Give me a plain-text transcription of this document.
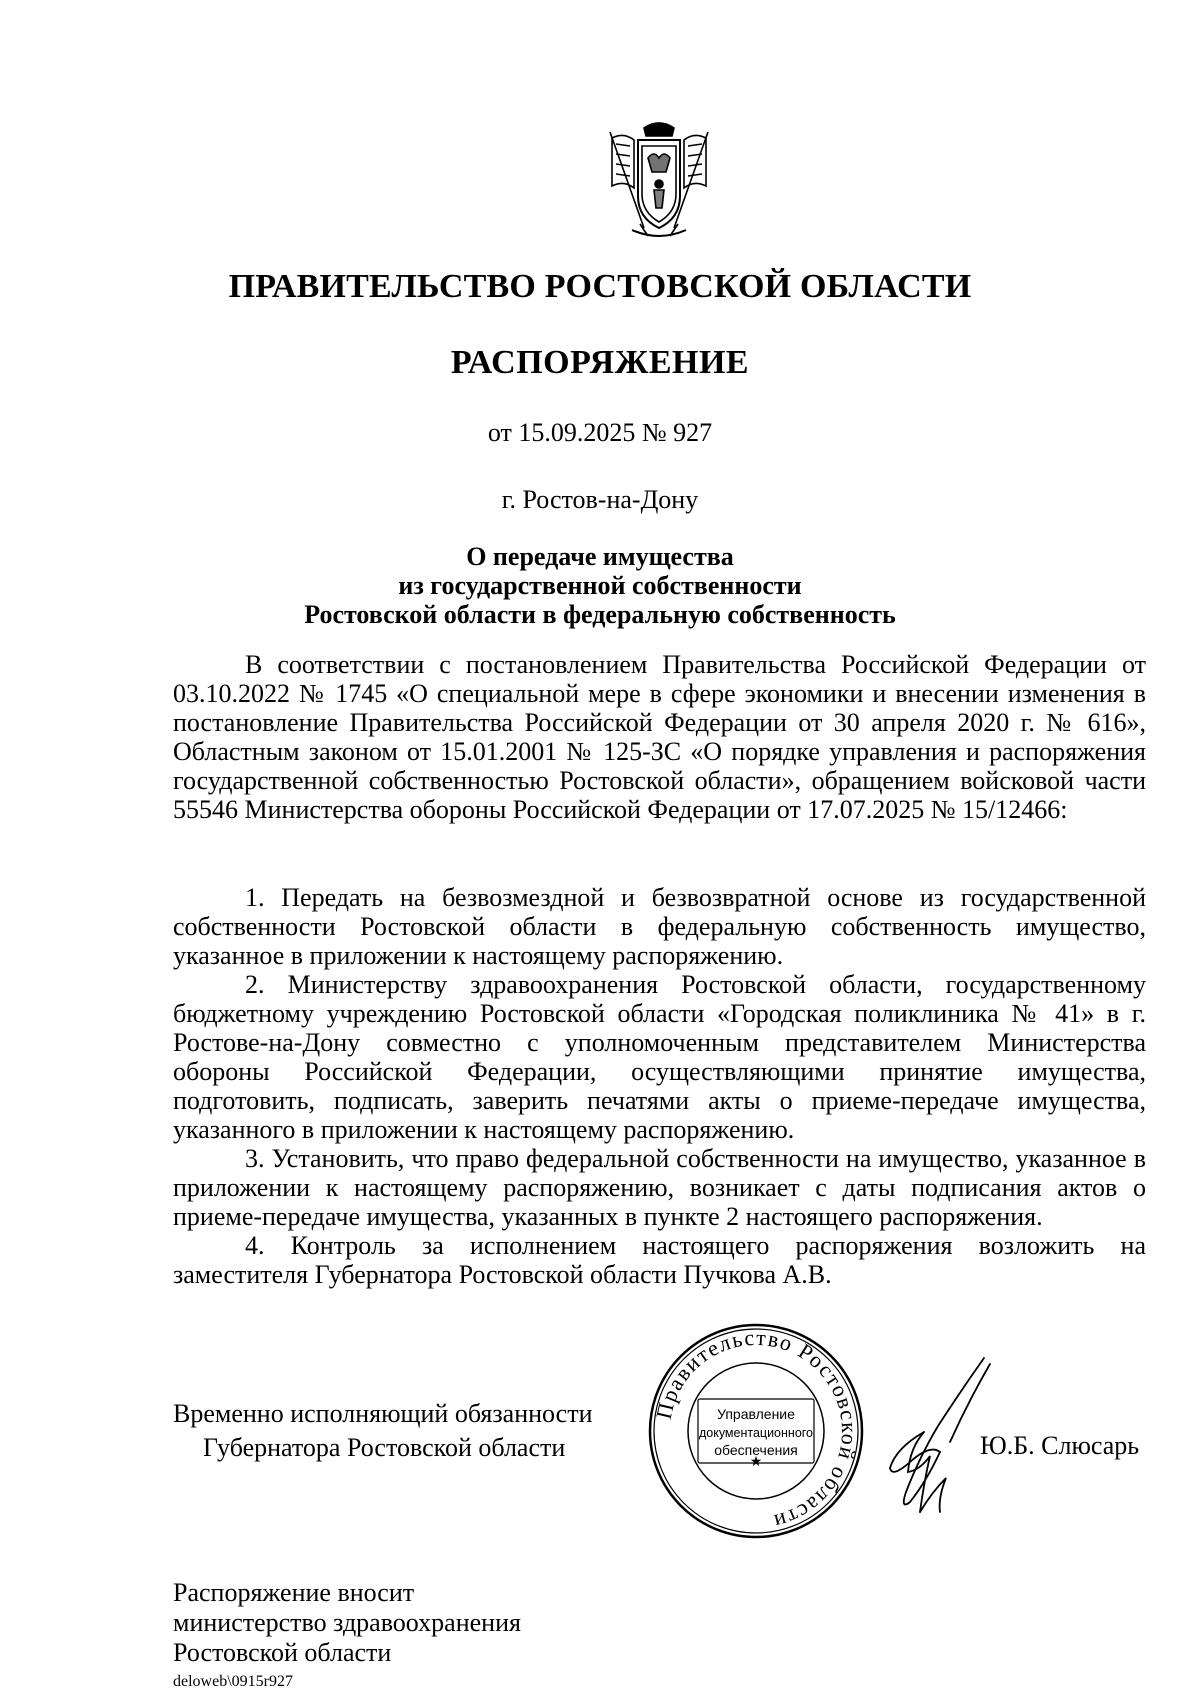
ПРАВИТЕЛЬСТВО РОСТОВСКОЙ ОБЛАСТИ
РАСПОРЯЖЕНИЕ
от 15.09.2025 № 927
г. Ростов-на-Дону
О передаче имущества
из государственной собственности
Ростовской области в федеральную собственность

В соответствии с постановлением Правительства Российской Федерации от 03.10.2022 № 1745 «О специальной мере в сфере экономики и внесении изменения в постановление Правительства Российской Федерации от 30 апреля 2020 г. № 616», Областным законом от 15.01.2001 № 125-ЗС «О порядке управления и распоряжения государственной собственностью Ростовской области», обращением войсковой части 55546 Министерства обороны Российской Федерации от 17.07.2025 № 15/12466:

1. Передать на безвозмездной и безвозвратной основе из государственной собственности Ростовской области в федеральную собственность имущество, указанное в приложении к настоящему распоряжению.

2. Министерству здравоохранения Ростовской области, государственному бюджетному учреждению Ростовской области «Городская поликлиника № 41» в г. Ростове-на-Дону совместно с уполномоченным представителем Министерства обороны Российской Федерации, осуществляющими принятие имущества, подготовить, подписать, заверить печатями акты о приеме-передаче имущества, указанного в приложении к настоящему распоряжению.

3. Установить, что право федеральной собственности на имущество, указанное в приложении к настоящему распоряжению, возникает с даты подписания актов о приеме-передаче имущества, указанных в пункте 2 настоящего распоряжения.

4. Контроль за исполнением настоящего распоряжения возложить на заместителя Губернатора Ростовской области Пучкова А.В.

Временно исполняющий обязанности
Губернатора Ростовской области
Правительство Ростовской области
★
Управление
документационного
обеспечения	Ю.Б. Слюсарь
Распоряжение вносит
министерство здравоохранения
Ростовской области
deloweb\0915r927
